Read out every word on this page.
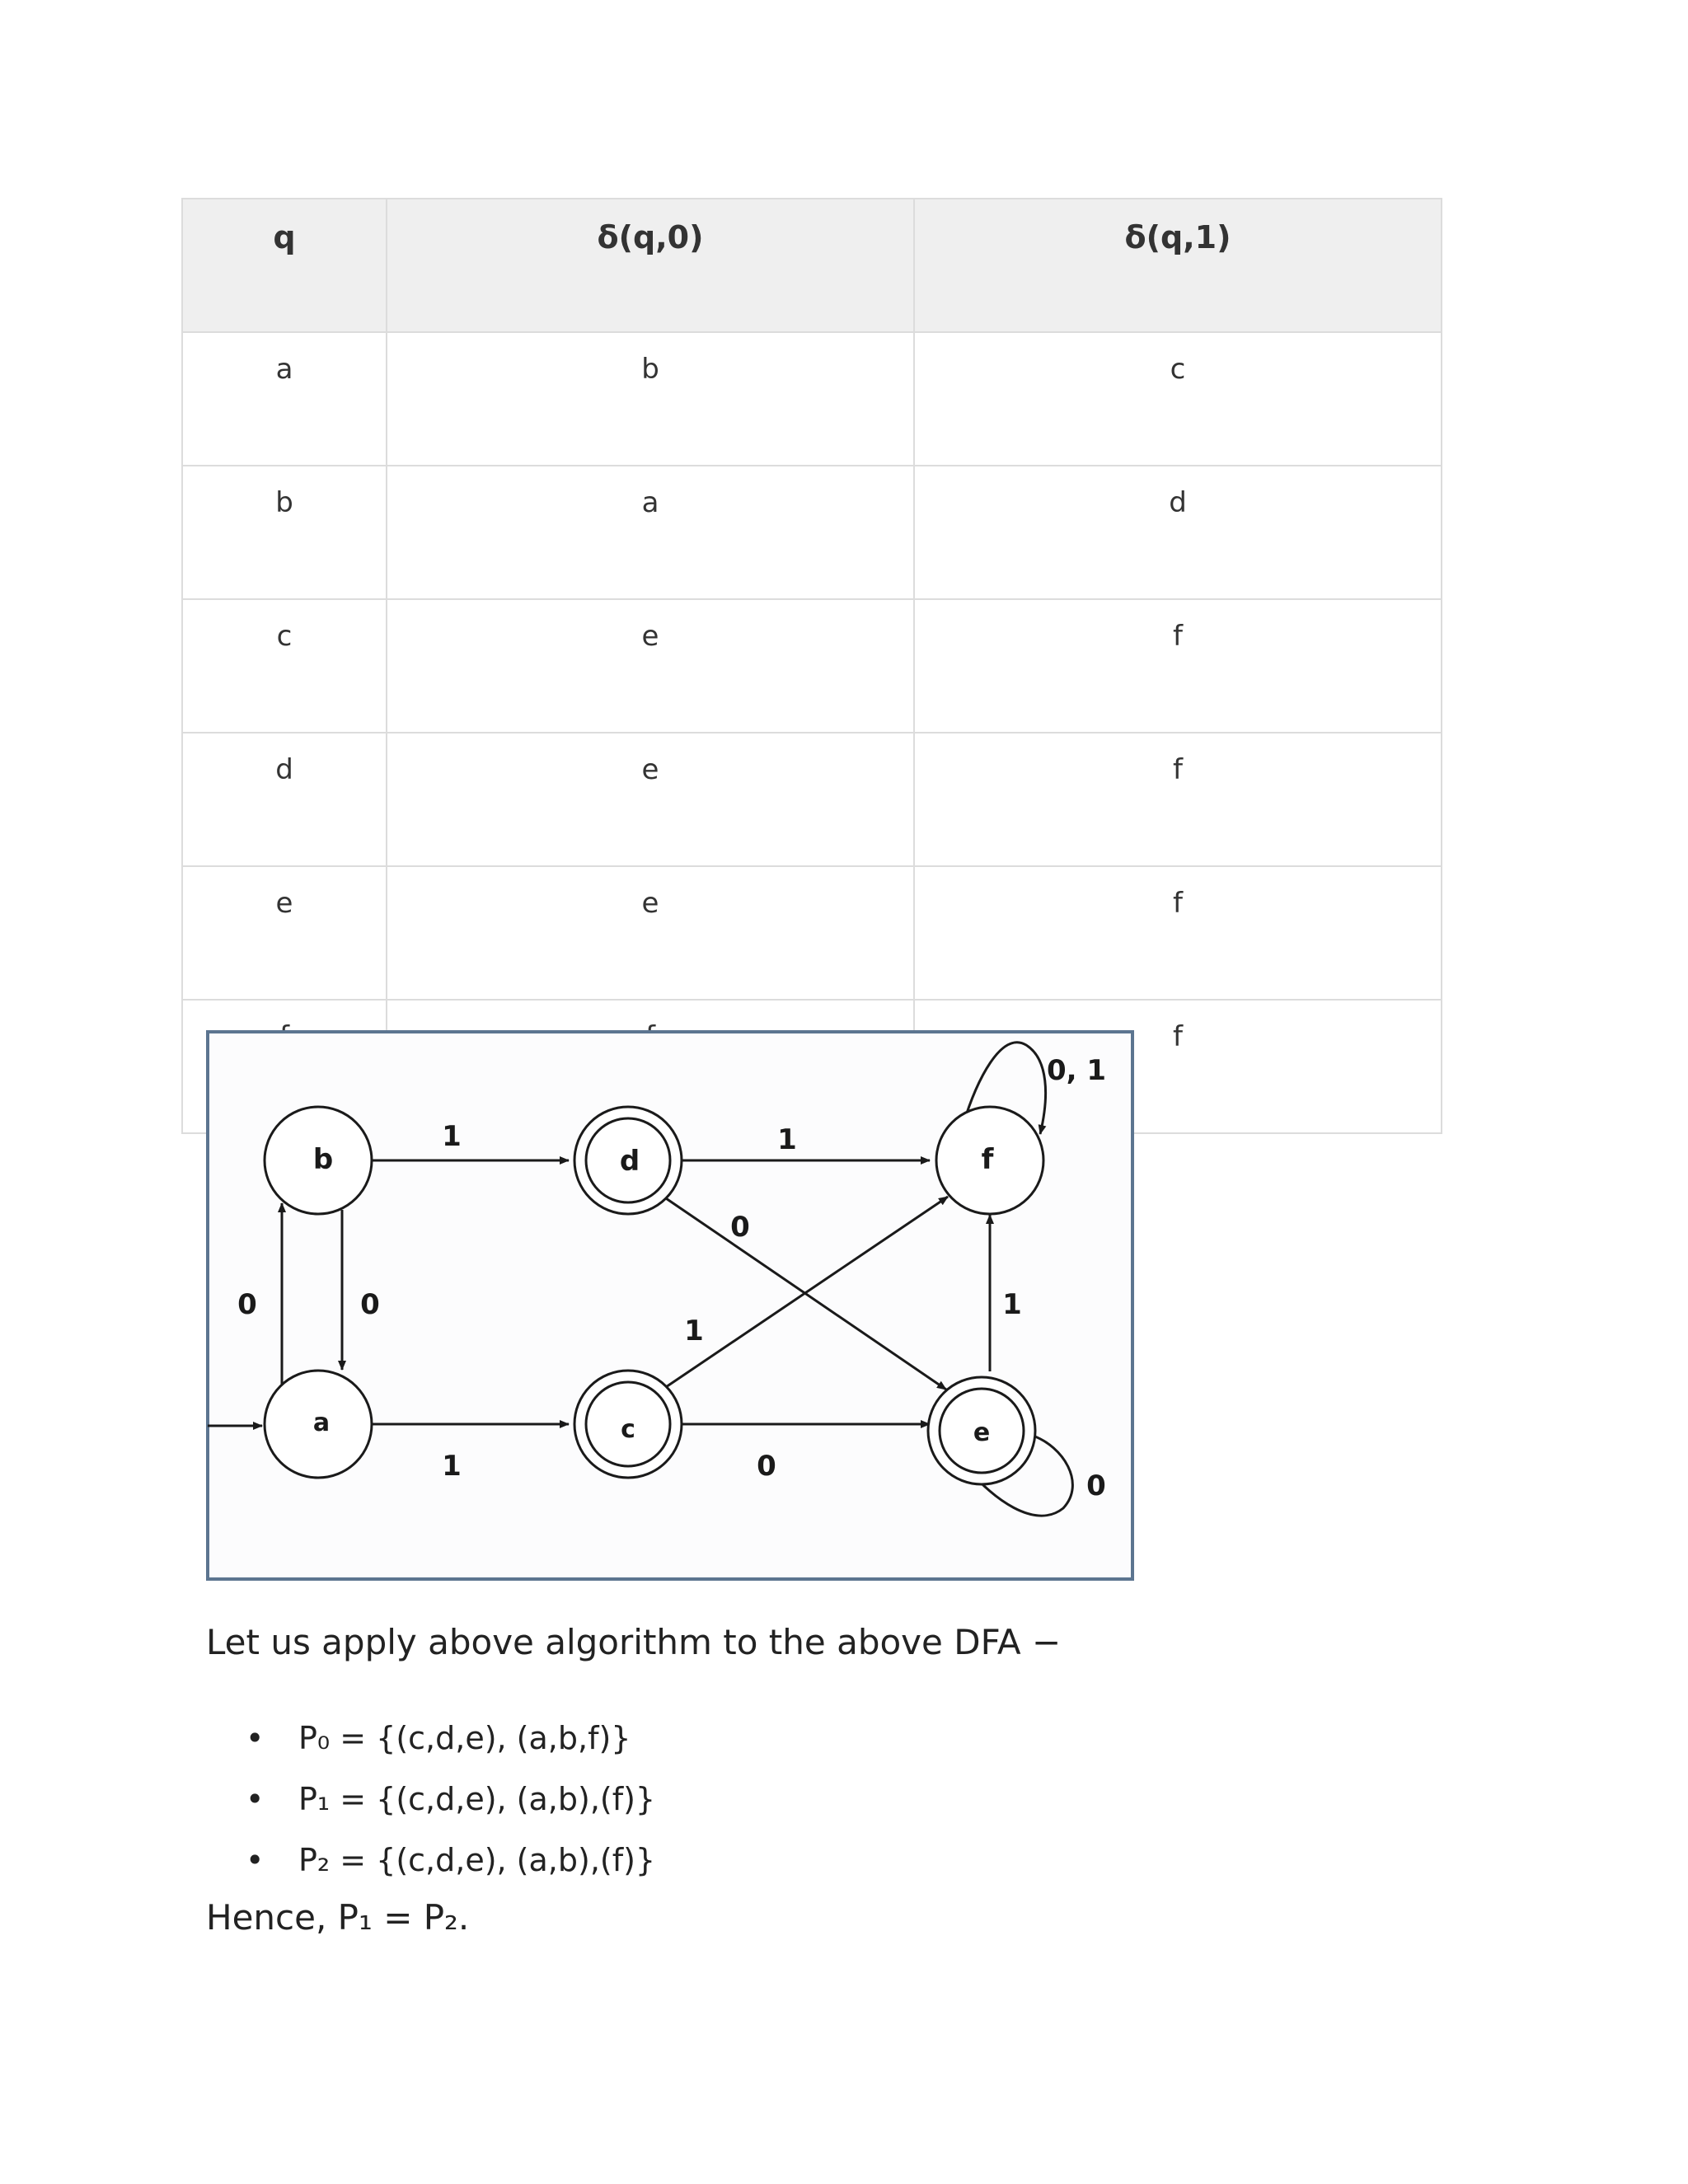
q	δ(q,0)	δ(q,1)
a	b	c
b	a	d
c	e	f
d	e	f
e	e	f
		f
b	d	f
a	c	e
1	1
0, 1
0	0
0
1
1
1	0
0

Let us apply above algorithm to the above DFA −

• P₀ = {(c,d,e), (a,b,f)}
• P₁ = {(c,d,e), (a,b),(f)}
• P₂ = {(c,d,e), (a,b),(f)}

Hence, P₁ = P₂.
